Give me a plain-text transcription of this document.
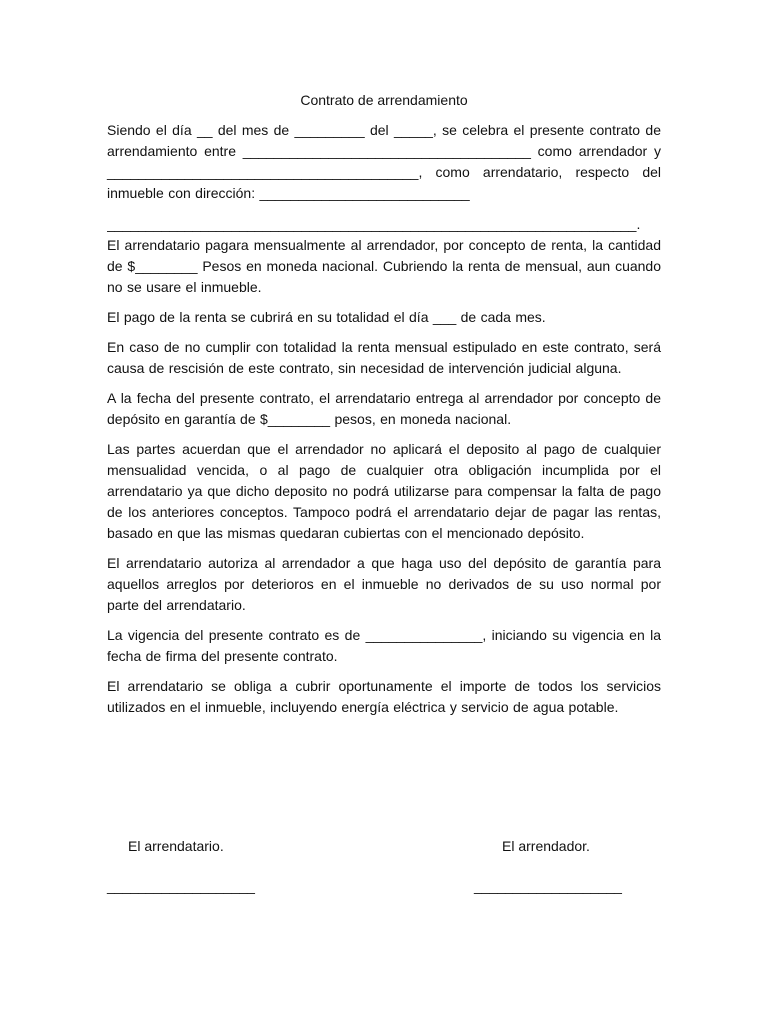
Contrato de arrendamiento
Siendo el día __ del mes de _________ del _____, se celebra el presente contrato de arrendamiento entre _____________________________________ como arrendador y ________________________________________, como arrendatario, respecto del inmueble con dirección: ___________________________
____________________________________________________________________.
El arrendatario pagara mensualmente al arrendador, por concepto de renta, la cantidad de $________ Pesos en moneda nacional. Cubriendo la renta de mensual, aun cuando no se usare el inmueble.
El pago de la renta se cubrirá en su totalidad el día ___ de cada mes.
En caso de no cumplir con totalidad la renta mensual estipulado en este contrato, será causa de rescisión de este contrato, sin necesidad de intervención judicial alguna.
A la fecha del presente contrato, el arrendatario entrega al arrendador por concepto de depósito en garantía de $________ pesos, en moneda nacional.
Las partes acuerdan que el arrendador no aplicará el deposito al pago de cualquier mensualidad vencida, o al pago de cualquier otra obligación incumplida por el arrendatario ya que dicho deposito no podrá utilizarse para compensar la falta de pago de los anteriores conceptos. Tampoco podrá el arrendatario dejar de pagar las rentas, basado en que las mismas quedaran cubiertas con el mencionado depósito.
El arrendatario autoriza al arrendador a que haga uso del depósito de garantía para aquellos arreglos por deterioros en el inmueble no derivados de su uso normal por parte del arrendatario.
La vigencia del presente contrato es de _______________, iniciando su vigencia en la fecha de firma del presente contrato.
El arrendatario se obliga a cubrir oportunamente el importe de todos los servicios utilizados en el inmueble, incluyendo energía eléctrica y servicio de agua potable.
El arrendatario.
___________________
El arrendador.
___________________
